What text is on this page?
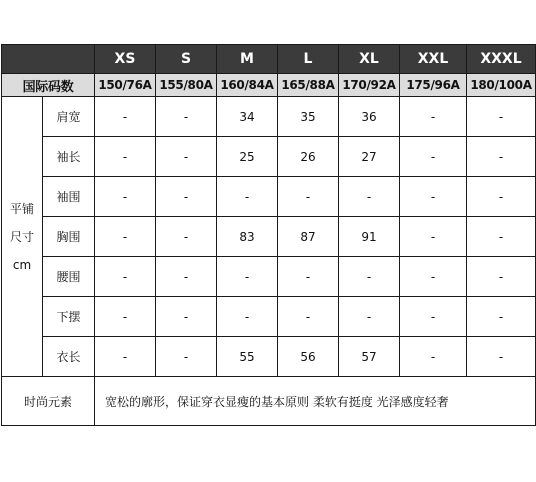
		XS	S	M	L	XL	XXL	XXXL
国际码数		150/76A	155/80A	160/84A	165/88A	170/92A	175/96A	180/100A

平铺
尺寸
cm	肩宽	-	-	34	35	36	-	-
	袖长	-	-	25	26	27	-	-
	袖围	-	-	-	-	-	-	-
	胸围	-	-	83	87	91	-	-
	腰围	-	-	-	-	-	-	-
	下摆	-	-	-	-	-	-	-
	衣长	-	-	55	56	57	-	-
时尚元素		宽松的廓形，保证穿衣显瘦的基本原则 柔软有挺度 光泽感度轻奢						
